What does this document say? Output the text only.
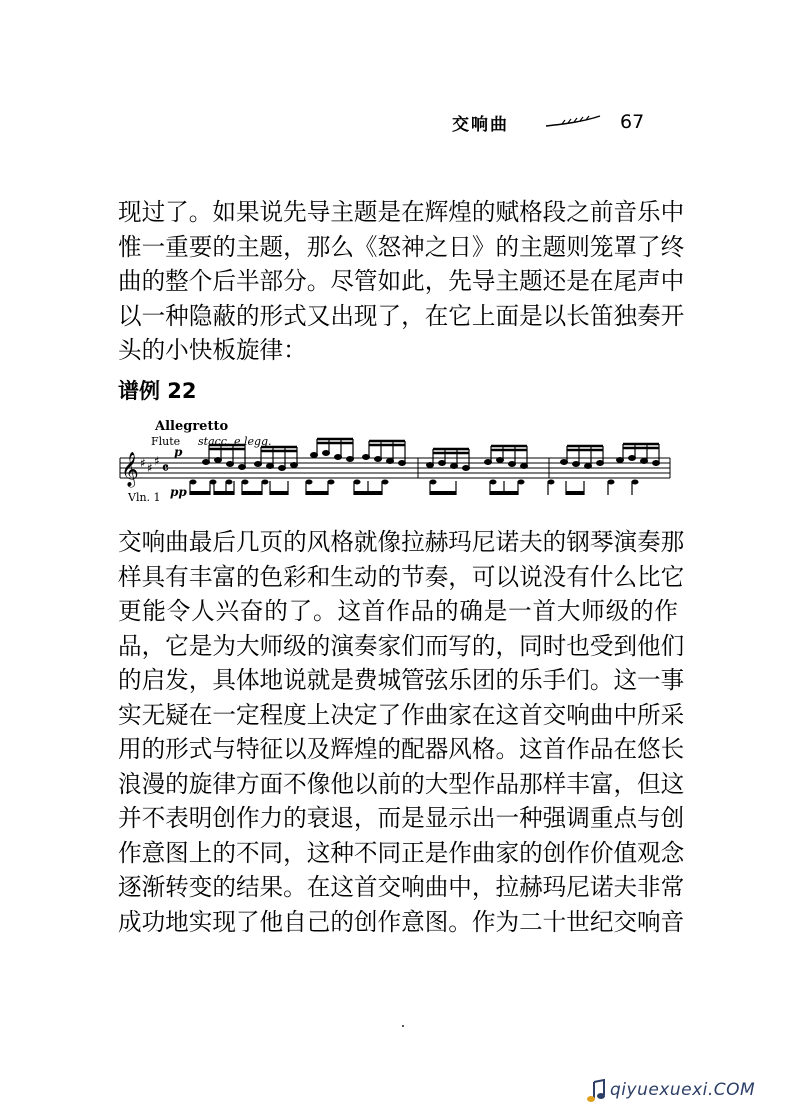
交响曲	67
现过了。如果说先导主题是在辉煌的赋格段之前音乐中
惟一重要的主题，那么《怒神之日》的主题则笼罩了终
曲的整个后半部分。尽管如此，先导主题还是在尾声中
以一种隐蔽的形式又出现了，在它上面是以长笛独奏开
头的小快板旋律：
谱例 22
𝄞 ♯ ♯ ♯ 𝄴
Allegretto
Flute stacc. e legg.
p
Vln. 1 pp
交响曲最后几页的风格就像拉赫玛尼诺夫的钢琴演奏那
样具有丰富的色彩和生动的节奏，可以说没有什么比它
更能令人兴奋的了。这首作品的确是一首大师级的作
品，它是为大师级的演奏家们而写的，同时也受到他们
的启发，具体地说就是费城管弦乐团的乐手们。这一事
实无疑在一定程度上决定了作曲家在这首交响曲中所采
用的形式与特征以及辉煌的配器风格。这首作品在悠长
浪漫的旋律方面不像他以前的大型作品那样丰富，但这
并不表明创作力的衰退，而是显示出一种强调重点与创
作意图上的不同，这种不同正是作曲家的创作价值观念
逐渐转变的结果。在这首交响曲中，拉赫玛尼诺夫非常
成功地实现了他自己的创作意图。作为二十世纪交响音
qiyuexuexi.COM
